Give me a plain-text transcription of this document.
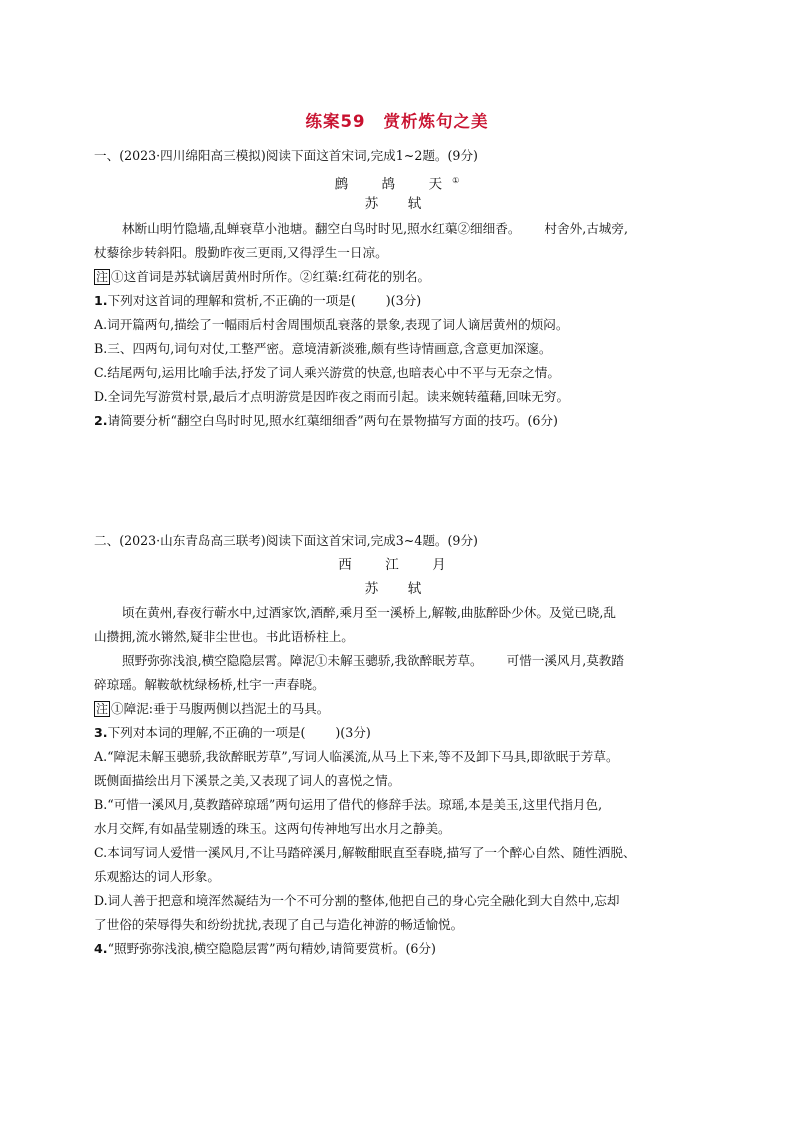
练案59 赏析炼句之美

一、(2023·四川绵阳高三模拟)阅读下面这首宋词,完成1~2题。(9分)

鹧　鸪　天①

苏　轼

林断山明竹隐墙,乱蝉衰草小池塘。翻空白鸟时时见,照水红蕖②细细香。 村舍外,古城旁,

杖藜徐步转斜阳。殷勤昨夜三更雨,又得浮生一日凉。

注 ①这首词是苏轼谪居黄州时所作。②红蕖:红荷花的别名。

1.下列对这首词的理解和赏析,不正确的一项是( )(3分)

A.词开篇两句,描绘了一幅雨后村舍周围烦乱衰落的景象,表现了词人谪居黄州的烦闷。

B.三、四两句,词句对仗,工整严密。意境清新淡雅,颇有些诗情画意,含意更加深邃。

C.结尾两句,运用比喻手法,抒发了词人乘兴游赏的快意,也暗表心中不平与无奈之情。

D.全词先写游赏村景,最后才点明游赏是因昨夜之雨而引起。读来婉转蕴藉,回味无穷。

2.请简要分析“翻空白鸟时时见,照水红蕖细细香”两句在景物描写方面的技巧。(6分)

二、(2023·山东青岛高三联考)阅读下面这首宋词,完成3~4题。(9分)

西　江　月

苏　轼

顷在黄州,春夜行蕲水中,过酒家饮,酒醉,乘月至一溪桥上,解鞍,曲肱醉卧少休。及觉已晓,乱

山攒拥,流水锵然,疑非尘世也。书此语桥柱上。

照野弥弥浅浪,横空隐隐层霄。障泥①未解玉骢骄,我欲醉眠芳草。 可惜一溪风月,莫教踏

碎琼瑶。解鞍欹枕绿杨桥,杜宇一声春晓。

注 ①障泥:垂于马腹两侧以挡泥土的马具。

3.下列对本词的理解,不正确的一项是( )(3分)

A.“障泥未解玉骢骄,我欲醉眠芳草”,写词人临溪流,从马上下来,等不及卸下马具,即欲眠于芳草。

既侧面描绘出月下溪景之美,又表现了词人的喜悦之情。

B.“可惜一溪风月,莫教踏碎琼瑶”两句运用了借代的修辞手法。琼瑶,本是美玉,这里代指月色,

水月交辉,有如晶莹剔透的珠玉。这两句传神地写出水月之静美。

C.本词写词人爱惜一溪风月,不让马踏碎溪月,解鞍酣眠直至春晓,描写了一个醉心自然、随性洒脱、

乐观豁达的词人形象。

D.词人善于把意和境浑然凝结为一个不可分割的整体,他把自己的身心完全融化到大自然中,忘却

了世俗的荣辱得失和纷纷扰扰,表现了自己与造化神游的畅适愉悦。

4.“照野弥弥浅浪,横空隐隐层霄”两句精妙,请简要赏析。(6分)
